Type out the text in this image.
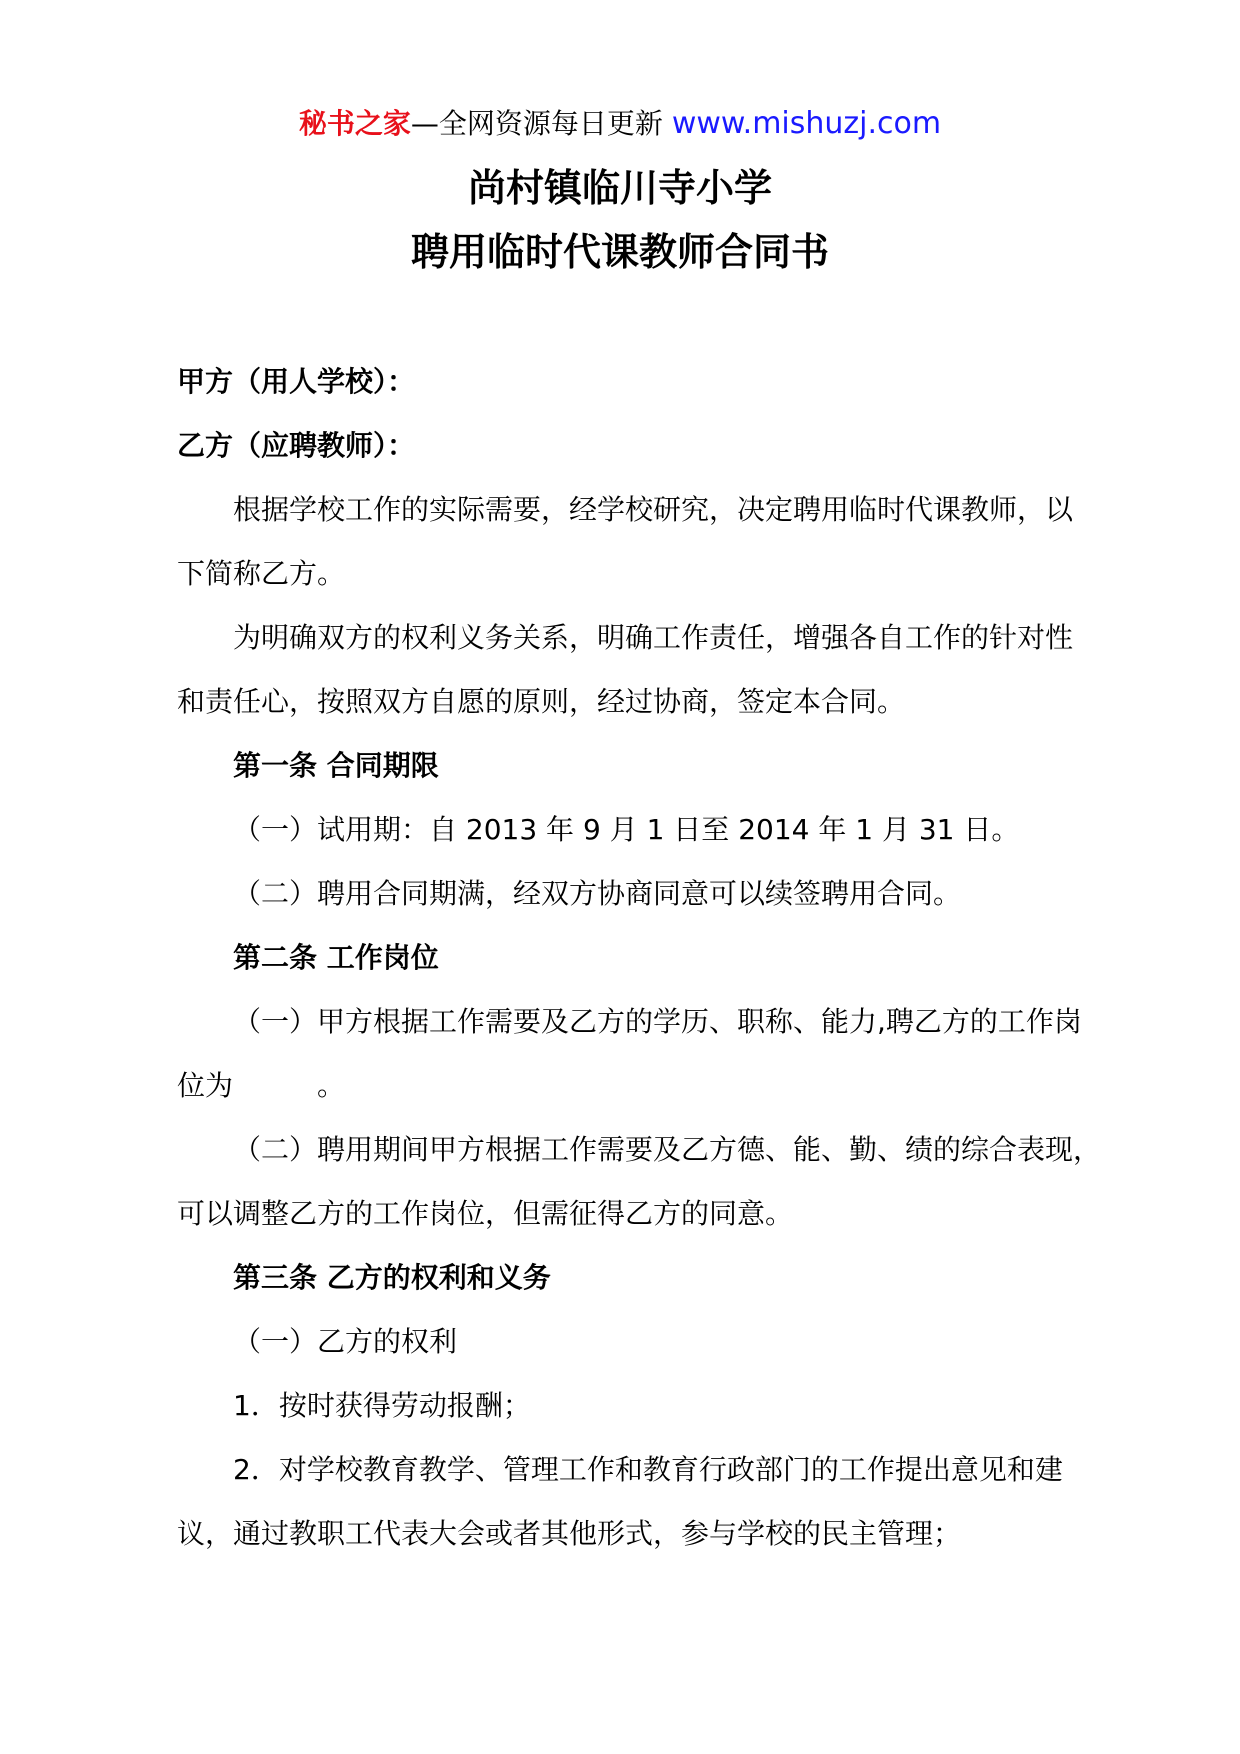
秘书之家—全网资源每日更新 www.mishuzj.com
尚村镇临川寺小学
聘用临时代课教师合同书
甲方（用人学校）：
乙方（应聘教师）：
根据学校工作的实际需要，经学校研究，决定聘用临时代课教师，以
下简称乙方。
为明确双方的权利义务关系，明确工作责任，增强各自工作的针对性
和责任心，按照双方自愿的原则，经过协商，签定本合同。
第一条 合同期限
（一）试用期：自 2013 年 9 月 1 日至 2014 年 1 月 31 日。
（二）聘用合同期满，经双方协商同意可以续签聘用合同。
第二条 工作岗位
（一）甲方根据工作需要及乙方的学历、职称、能力,聘乙方的工作岗
位为　　　。
（二）聘用期间甲方根据工作需要及乙方德、能、勤、绩的综合表现，
可以调整乙方的工作岗位，但需征得乙方的同意。
第三条 乙方的权利和义务
（一）乙方的权利
1．按时获得劳动报酬；
2．对学校教育教学、管理工作和教育行政部门的工作提出意见和建
议，通过教职工代表大会或者其他形式，参与学校的民主管理；
